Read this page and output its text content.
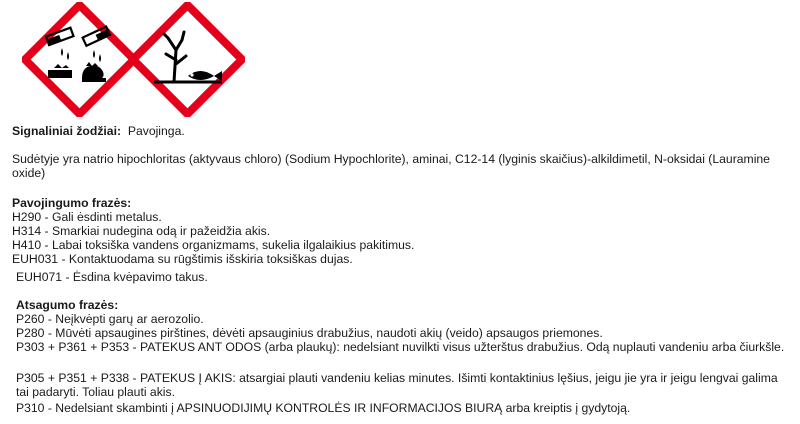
Signaliniai žodžiai: Pavojinga.
Sudėtyje yra natrio hipochloritas (aktyvaus chloro) (Sodium Hypochlorite), aminai, C12-14 (lyginis skaičius)-alkildimetil, N-oksidai (Lauramine oxide)
Pavojingumo frazės:
H290 - Gali ėsdinti metalus.
H314 - Smarkiai nudegina odą ir pažeidžia akis.
H410 - Labai toksiška vandens organizmams, sukelia ilgalaikius pakitimus.
EUH031 - Kontaktuodama su rūgštimis išskiria toksiškas dujas.
EUH071 - Ėsdina kvėpavimo takus.
Atsagumo frazės:
P260 - Neįkvėpti garų ar aerozolio.
P280 - Mūvėti apsaugines pirštines, dėvėti apsauginius drabužius, naudoti akių (veido) apsaugos priemones.
P303 + P361 + P353 - PATEKUS ANT ODOS (arba plaukų): nedelsiant nuvilkti visus užterštus drabužius. Odą nuplauti vandeniu arba čiurkšle.
P305 + P351 + P338 - PATEKUS Į AKIS: atsargiai plauti vandeniu kelias minutes. Išimti kontaktinius lęšius, jeigu jie yra ir jeigu lengvai galima tai padaryti. Toliau plauti akis.
P310 - Nedelsiant skambinti į APSINUODIJIMŲ KONTROLĖS IR INFORMACIJOS BIURĄ arba kreiptis į gydytoją.
